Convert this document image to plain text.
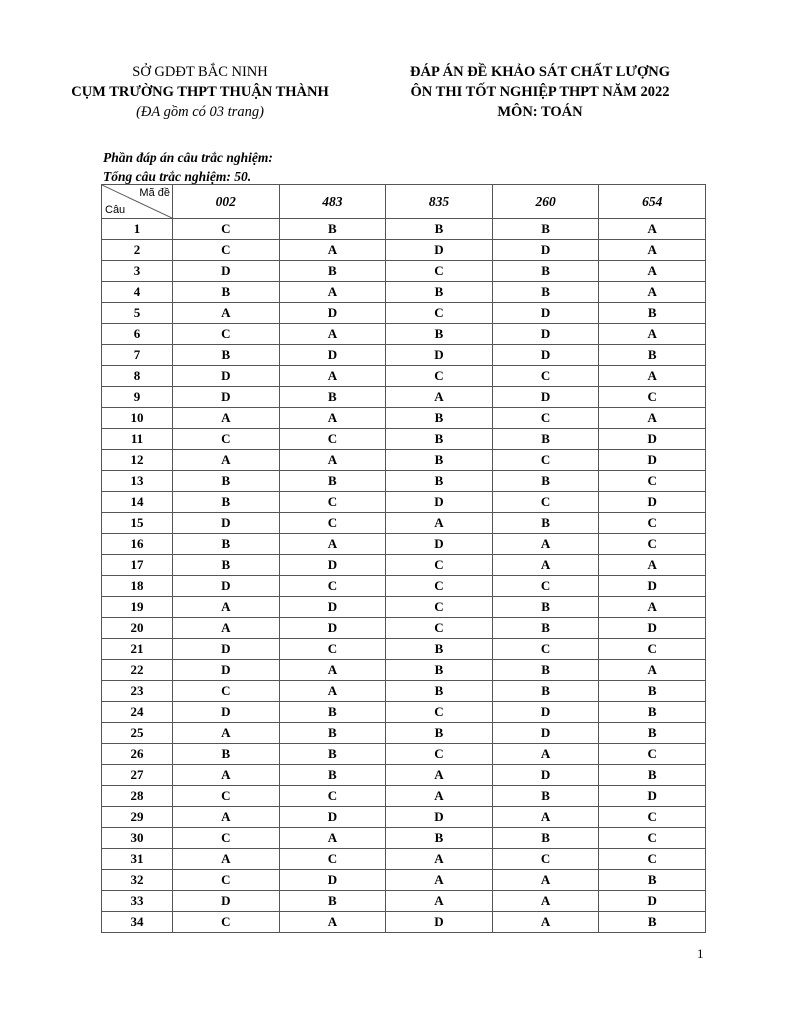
SỞ GDĐT BẮC NINH
CỤM TRƯỜNG THPT THUẬN THÀNH
(ĐA gồm có 03 trang)
ĐÁP ÁN ĐỀ KHẢO SÁT CHẤT LƯỢNG
ÔN THI TỐT NGHIỆP THPT NĂM 2022
MÔN: TOÁN
Phần đáp án câu trắc nghiệm:
Tổng câu trắc nghiệm: 50.
Mã đề
Câu	002	483	835	260	654
1	C	B	B	B	A
2	C	A	D	D	A
3	D	B	C	B	A
4	B	A	B	B	A
5	A	D	C	D	B
6	C	A	B	D	A
7	B	D	D	D	B
8	D	A	C	C	A
9	D	B	A	D	C
10	A	A	B	C	A
11	C	C	B	B	D
12	A	A	B	C	D
13	B	B	B	B	C
14	B	C	D	C	D
15	D	C	A	B	C
16	B	A	D	A	C
17	B	D	C	A	A
18	D	C	C	C	D
19	A	D	C	B	A
20	A	D	C	B	D
21	D	C	B	C	C
22	D	A	B	B	A
23	C	A	B	B	B
24	D	B	C	D	B
25	A	B	B	D	B
26	B	B	C	A	C
27	A	B	A	D	B
28	C	C	A	B	D
29	A	D	D	A	C
30	C	A	B	B	C
31	A	C	A	C	C
32	C	D	A	A	B
33	D	B	A	A	D
34	C	A	D	A	B
1
